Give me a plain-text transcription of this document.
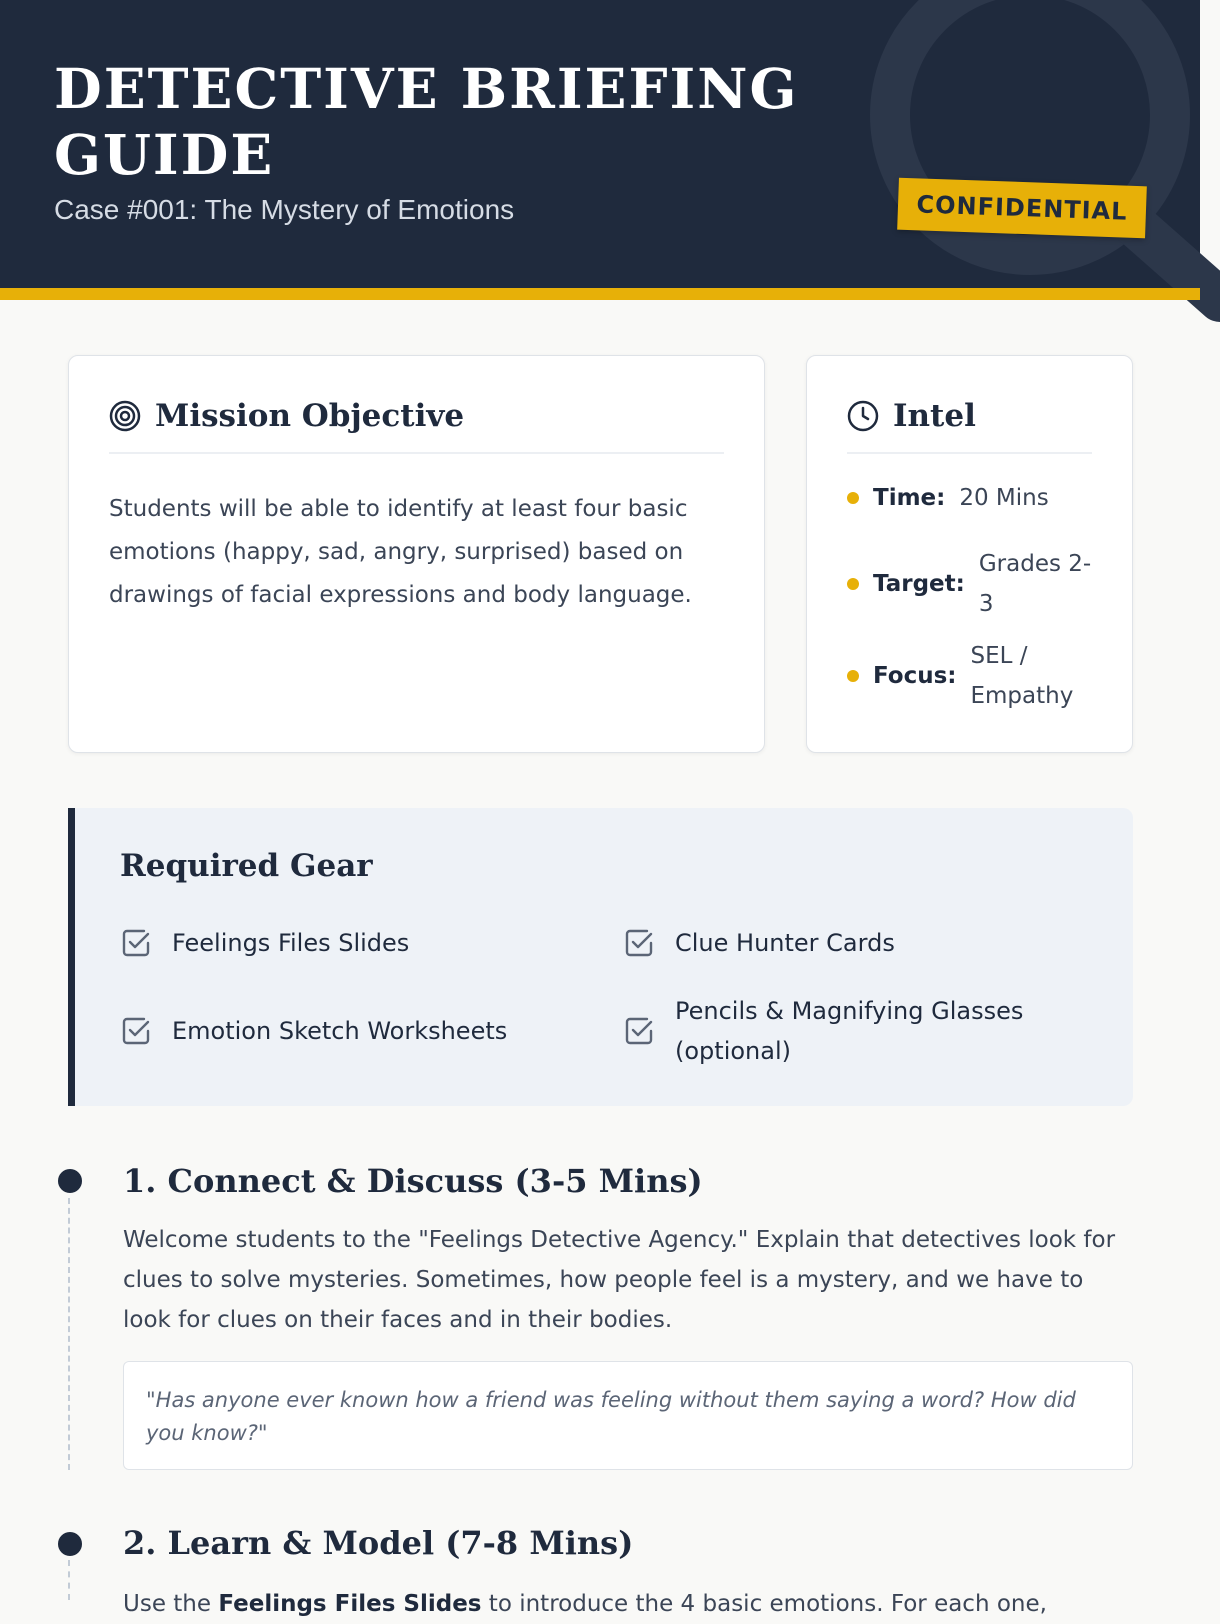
DETECTIVE BRIEFING GUIDE
Case #001: The Mystery of Emotions	CONFIDENTIAL
Mission Objective

Students will be able to identify at least four basic emotions (happy, sad, angry, surprised) based on drawings of facial expressions and body language.

Intel
Time: 20 Mins
Target:
Grades 2-3
Focus:
SEL / Empathy
Required Gear
Feelings Files Slides	Clue Hunter Cards
Emotion Sketch Worksheets
Pencils & Magnifying Glasses (optional)
1. Connect & Discuss (3-5 Mins)

Welcome students to the "Feelings Detective Agency." Explain that detectives look for clues to solve mysteries. Sometimes, how people feel is a mystery, and we have to look for clues on their faces and in their bodies.

"Has anyone ever known how a friend was feeling without them saying a word? How did you know?"
2. Learn & Model (7-8 Mins)

Use the Feelings Files Slides to introduce the 4 basic emotions. For each one,
